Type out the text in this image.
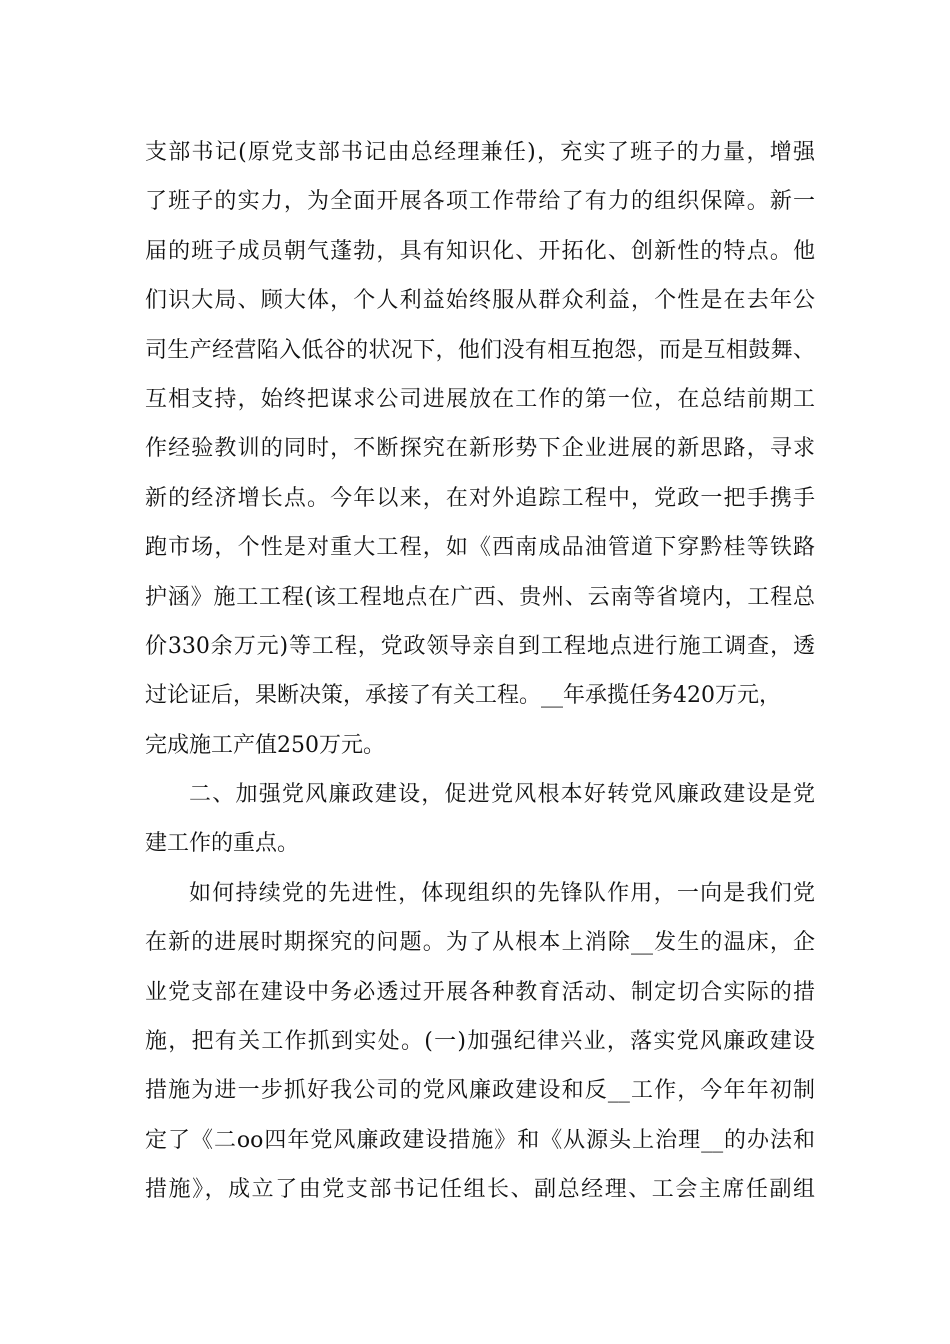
支部书记(原党支部书记由总经理兼任)，充实了班子的力量，增强
了班子的实力，为全面开展各项工作带给了有力的组织保障。新一
届的班子成员朝气蓬勃，具有知识化、开拓化、创新性的特点。他
们识大局、顾大体，个人利益始终服从群众利益，个性是在去年公
司生产经营陷入低谷的状况下，他们没有相互抱怨，而是互相鼓舞、
互相支持，始终把谋求公司进展放在工作的第一位，在总结前期工
作经验教训的同时，不断探究在新形势下企业进展的新思路，寻求
新的经济增长点。今年以来，在对外追踪工程中，党政一把手携手
跑市场，个性是对重大工程，如《西南成品油管道下穿黔桂等铁路
护涵》施工工程(该工程地点在广西、贵州、云南等省境内，工程总
价330余万元)等工程，党政领导亲自到工程地点进行施工调查，透
过论证后，果断决策，承接了有关工程。__年承揽任务420万元，
完成施工产值250万元。
二、加强党风廉政建设，促进党风根本好转党风廉政建设是党
建工作的重点。
如何持续党的先进性，体现组织的先锋队作用，一向是我们党
在新的进展时期探究的问题。为了从根本上消除__发生的温床，企
业党支部在建设中务必透过开展各种教育活动、制定切合实际的措
施，把有关工作抓到实处。(一)加强纪律兴业，落实党风廉政建设
措施为进一步抓好我公司的党风廉政建设和反__工作，今年年初制
定了《二oo四年党风廉政建设措施》和《从源头上治理__的办法和
措施》，成立了由党支部书记任组长、副总经理、工会主席任副组
